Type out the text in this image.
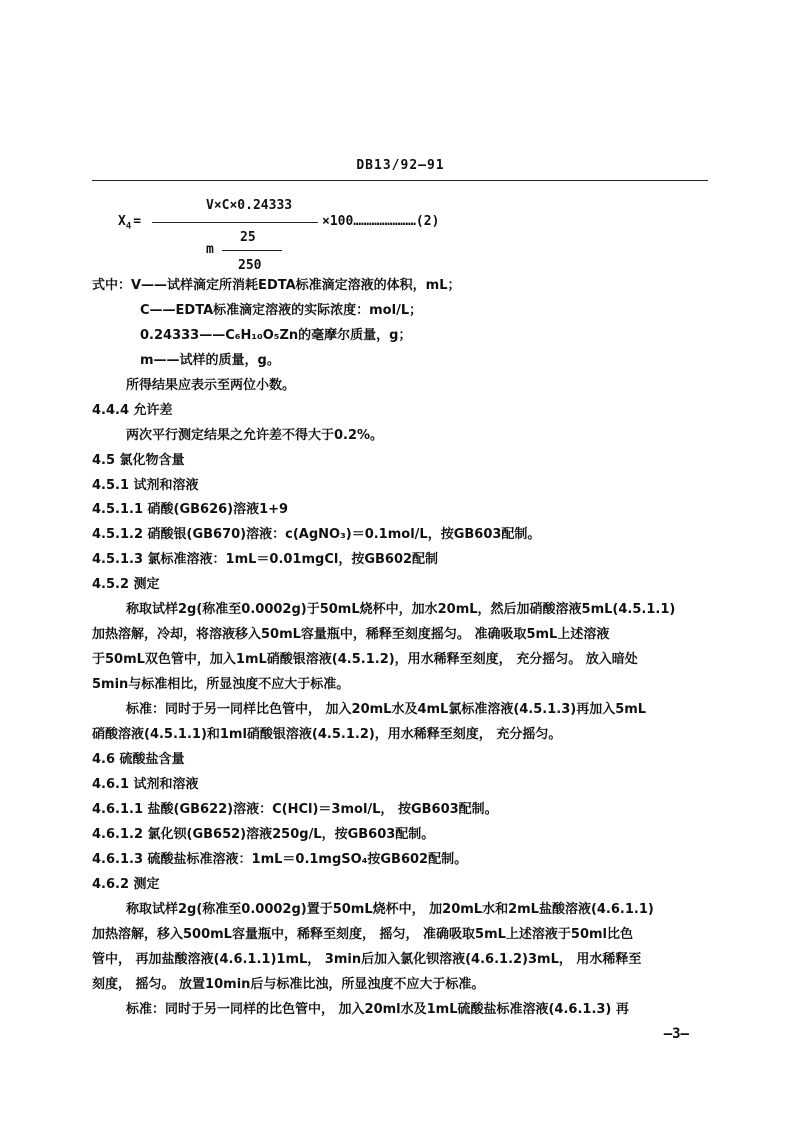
DB13/92—91
$X_4$ =
V×C×0.24333
×100……………………(2)
m
25
250
式中：V——试样滴定所消耗EDTA标准滴定溶液的体积，mL；
C——EDTA标准滴定溶液的实际浓度：mol/L；
0.24333——C₆H₁₀O₅Zn的毫摩尔质量，g；
m——试样的质量，g。
所得结果应表示至两位小数。
4.4.4 允许差
两次平行测定结果之允许差不得大于0.2%。
4.5 氯化物含量
4.5.1 试剂和溶液
4.5.1.1 硝酸(GB626)溶液1+9
4.5.1.2 硝酸银(GB670)溶液：c(AgNO₃)＝0.1mol/L，按GB603配制。
4.5.1.3 氯标准溶液：1mL＝0.01mgCl，按GB602配制
4.5.2 测定
称取试样2g(称准至0.0002g)于50mL烧杯中，加水20mL，然后加硝酸溶液5mL(4.5.1.1)
加热溶解，冷却，将溶液移入50mL容量瓶中，稀释至刻度摇匀。 准确吸取5mL上述溶液
于50mL双色管中，加入1mL硝酸银溶液(4.5.1.2)，用水稀释至刻度， 充分摇匀。 放入暗处
5min与标准相比，所显浊度不应大于标准。
标准：同时于另一同样比色管中， 加入20mL水及4mL氯标准溶液(4.5.1.3)再加入5mL
硝酸溶液(4.5.1.1)和1ml硝酸银溶液(4.5.1.2)，用水稀释至刻度， 充分摇匀。
4.6 硫酸盐含量
4.6.1 试剂和溶液
4.6.1.1 盐酸(GB622)溶液：C(HCl)＝3mol/L， 按GB603配制。
4.6.1.2 氯化钡(GB652)溶液250g/L，按GB603配制。
4.6.1.3 硫酸盐标准溶液：1mL＝0.1mgSO₄按GB602配制。
4.6.2 测定
称取试样2g(称准至0.0002g)置于50mL烧杯中， 加20mL水和2mL盐酸溶液(4.6.1.1)
加热溶解，移入500mL容量瓶中，稀释至刻度， 摇匀， 准确吸取5mL上述溶液于50ml比色
管中， 再加盐酸溶液(4.6.1.1)1mL， 3min后加入氯化钡溶液(4.6.1.2)3mL， 用水稀释至
刻度， 摇匀。 放置10min后与标准比浊，所显浊度不应大于标准。
标准：同时于另一同样的比色管中， 加入20ml水及1mL硫酸盐标准溶液(4.6.1.3) 再
—3—
